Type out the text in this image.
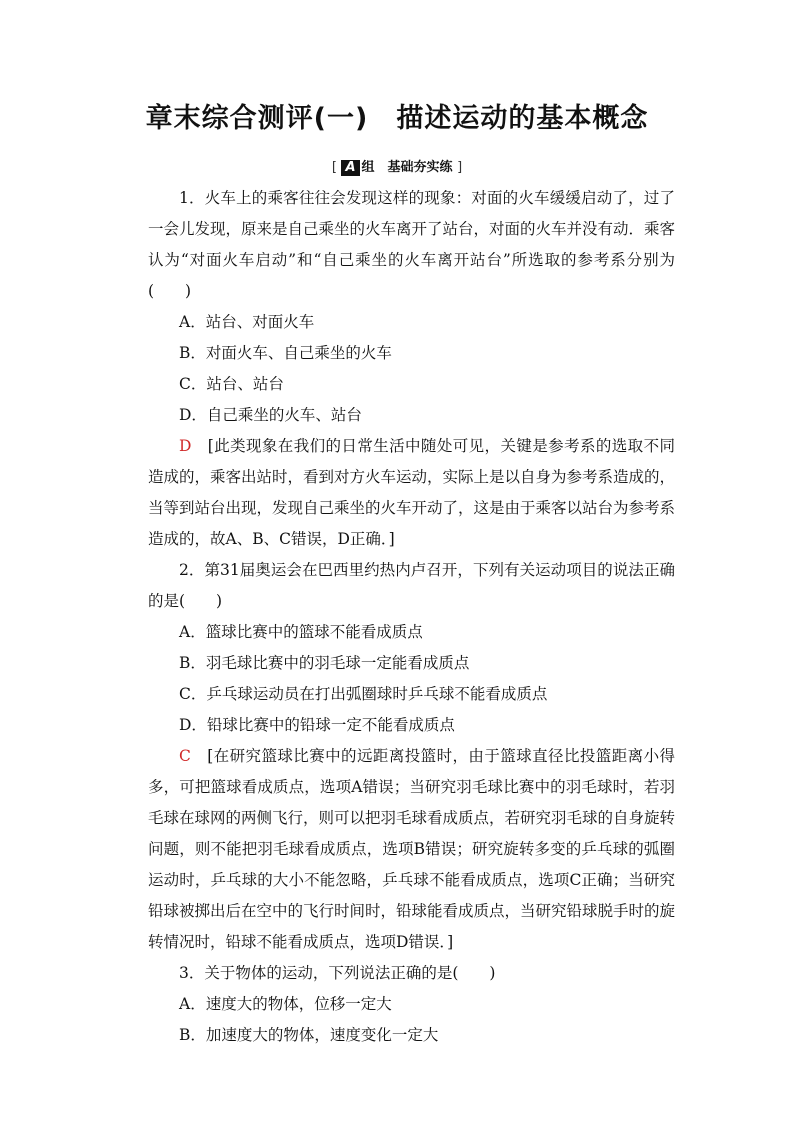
章末综合测评(一) 描述运动的基本概念
[ A 组　基础夯实练 ]

1．火车上的乘客往往会发现这样的现象：对面的火车缓缓启动了，过了一会儿发现，原来是自己乘坐的火车离开了站台，对面的火车并没有动．乘客认为“对面火车启动”和“自己乘坐的火车离开站台”所选取的参考系分别为(　　)

A．站台、对面火车

B．对面火车、自己乘坐的火车

C．站台、站台

D．自己乘坐的火车、站台

D　[此类现象在我们的日常生活中随处可见，关键是参考系的选取不同造成的，乘客出站时，看到对方火车运动，实际上是以自身为参考系造成的，当等到站台出现，发现自己乘坐的火车开动了，这是由于乘客以站台为参考系造成的，故A、B、C错误，D正确．]

2．第31届奥运会在巴西里约热内卢召开，下列有关运动项目的说法正确的是(　　)

A．篮球比赛中的篮球不能看成质点

B．羽毛球比赛中的羽毛球一定能看成质点

C．乒乓球运动员在打出弧圈球时乒乓球不能看成质点

D．铅球比赛中的铅球一定不能看成质点

C　[在研究篮球比赛中的远距离投篮时，由于篮球直径比投篮距离小得多，可把篮球看成质点，选项A错误；当研究羽毛球比赛中的羽毛球时，若羽毛球在球网的两侧飞行，则可以把羽毛球看成质点，若研究羽毛球的自身旋转问题，则不能把羽毛球看成质点，选项B错误；研究旋转多变的乒乓球的弧圈运动时，乒乓球的大小不能忽略，乒乓球不能看成质点，选项C正确；当研究铅球被掷出后在空中的飞行时间时，铅球能看成质点，当研究铅球脱手时的旋转情况时，铅球不能看成质点，选项D错误．]

3．关于物体的运动，下列说法正确的是(　　)

A．速度大的物体，位移一定大

B．加速度大的物体，速度变化一定大
